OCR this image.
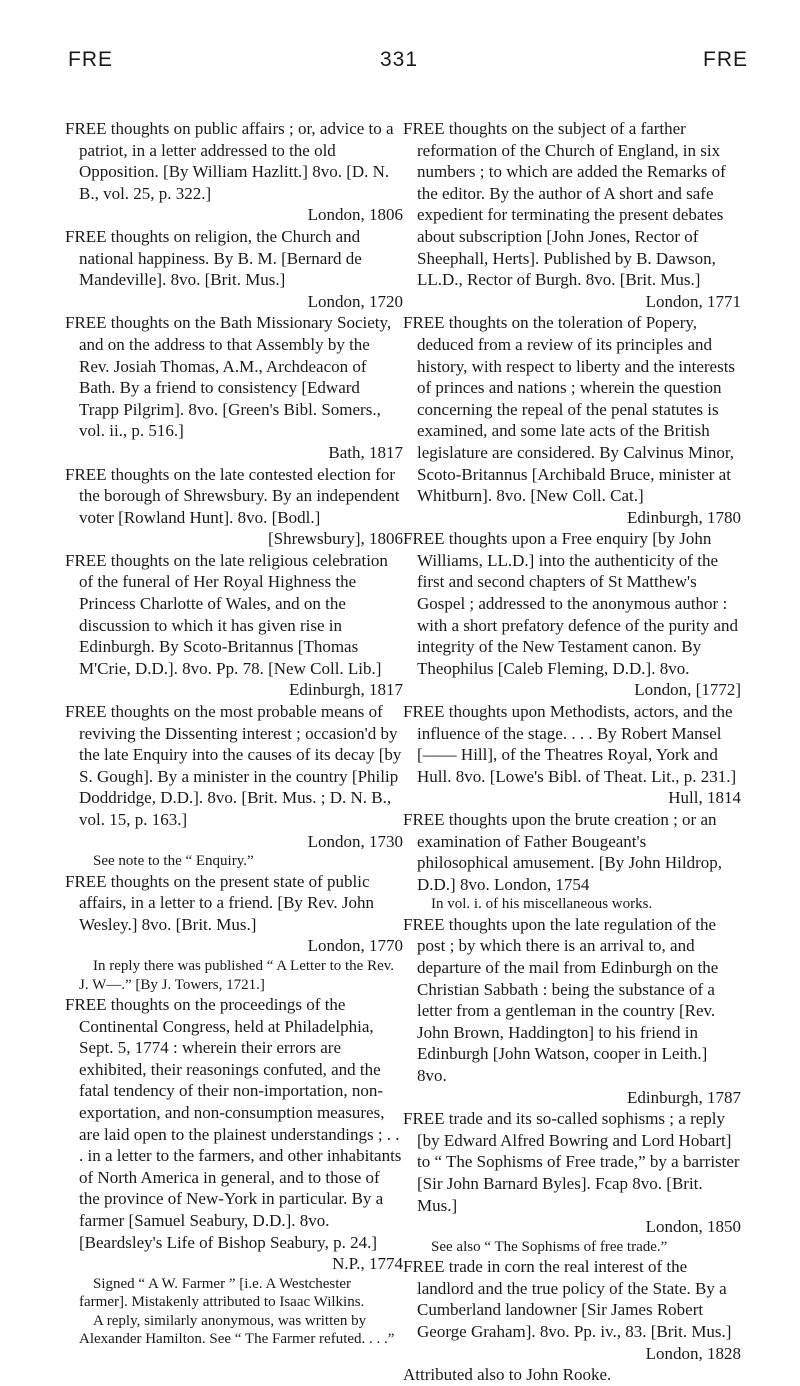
FRE	331	FRE

FREE thoughts on public affairs ; or, advice to a patriot, in a letter addressed to the old Opposition. [By William Hazlitt.] 8vo. [D. N. B., vol. 25, p. 322.]
London, 1806

FREE thoughts on religion, the Church and national happiness. By B. M. [Bernard de Mandeville]. 8vo. [Brit. Mus.]
London, 1720

FREE thoughts on the Bath Missionary Society, and on the address to that Assembly by the Rev. Josiah Thomas, A.M., Archdeacon of Bath. By a friend to consistency [Edward Trapp Pilgrim]. 8vo. [Green's Bibl. Somers., vol. ii., p. 516.]
Bath, 1817

FREE thoughts on the late contested election for the borough of Shrewsbury. By an independent voter [Rowland Hunt]. 8vo. [Bodl.]
[Shrewsbury], 1806

FREE thoughts on the late religious celebration of the funeral of Her Royal Highness the Princess Charlotte of Wales, and on the discussion to which it has given rise in Edinburgh. By Scoto-Britannus [Thomas M'Crie, D.D.]. 8vo. Pp. 78. [New Coll. Lib.]
Edinburgh, 1817

FREE thoughts on the most probable means of reviving the Dissenting interest ; occasion'd by the late Enquiry into the causes of its decay [by S. Gough]. By a minister in the country [Philip Doddridge, D.D.]. 8vo. [Brit. Mus. ; D. N. B., vol. 15, p. 163.]
London, 1730

See note to the “ Enquiry.”

FREE thoughts on the present state of public affairs, in a letter to a friend. [By Rev. John Wesley.] 8vo. [Brit. Mus.]
London, 1770

In reply there was published “ A Letter to the Rev. J. W—.” [By J. Towers, 1721.]

FREE thoughts on the proceedings of the Continental Congress, held at Philadelphia, Sept. 5, 1774 : wherein their errors are exhibited, their reasonings confuted, and the fatal tendency of their non-importation, non-exportation, and non-consumption measures, are laid open to the plainest understandings ; . . . in a letter to the farmers, and other inhabitants of North America in general, and to those of the province of New-York in particular. By a farmer [Samuel Seabury, D.D.]. 8vo. [Beardsley's Life of Bishop Seabury, p. 24.]
N.P., 1774

Signed “ A W. Farmer ” [i.e. A Westchester farmer]. Mistakenly attributed to Isaac Wilkins.

A reply, similarly anonymous, was written by Alexander Hamilton. See “ The Farmer refuted. . . .”

FREE thoughts on the subject of a farther reformation of the Church of England, in six numbers ; to which are added the Remarks of the editor. By the author of A short and safe expedient for terminating the present debates about subscription [John Jones, Rector of Sheephall, Herts]. Published by B. Dawson, LL.D., Rector of Burgh. 8vo. [Brit. Mus.]
London, 1771

FREE thoughts on the toleration of Popery, deduced from a review of its principles and history, with respect to liberty and the interests of princes and nations ; wherein the question concerning the repeal of the penal statutes is examined, and some late acts of the British legislature are considered. By Calvinus Minor, Scoto-Britannus [Archibald Bruce, minister at Whitburn]. 8vo. [New Coll. Cat.]
Edinburgh, 1780

FREE thoughts upon a Free enquiry [by John Williams, LL.D.] into the authenticity of the first and second chapters of St Matthew's Gospel ; addressed to the anonymous author : with a short prefatory defence of the purity and integrity of the New Testament canon. By Theophilus [Caleb Fleming, D.D.]. 8vo.
London, [1772]

FREE thoughts upon Methodists, actors, and the influence of the stage. . . . By Robert Mansel [—— Hill], of the Theatres Royal, York and Hull. 8vo. [Lowe's Bibl. of Theat. Lit., p. 231.]
Hull, 1814

FREE thoughts upon the brute creation ; or an examination of Father Bougeant's philosophical amusement. [By John Hildrop, D.D.] 8vo. London, 1754

In vol. i. of his miscellaneous works.

FREE thoughts upon the late regulation of the post ; by which there is an arrival to, and departure of the mail from Edinburgh on the Christian Sabbath : being the substance of a letter from a gentleman in the country [Rev. John Brown, Haddington] to his friend in Edinburgh [John Watson, cooper in Leith.] 8vo.
Edinburgh, 1787

FREE trade and its so-called sophisms ; a reply [by Edward Alfred Bowring and Lord Hobart] to “ The Sophisms of Free trade,” by a barrister [Sir John Barnard Byles]. Fcap 8vo. [Brit. Mus.]
London, 1850

See also “ The Sophisms of free trade.”

FREE trade in corn the real interest of the landlord and the true policy of the State. By a Cumberland landowner [Sir James Robert George Graham]. 8vo. Pp. iv., 83. [Brit. Mus.]
London, 1828

Attributed also to John Rooke.
